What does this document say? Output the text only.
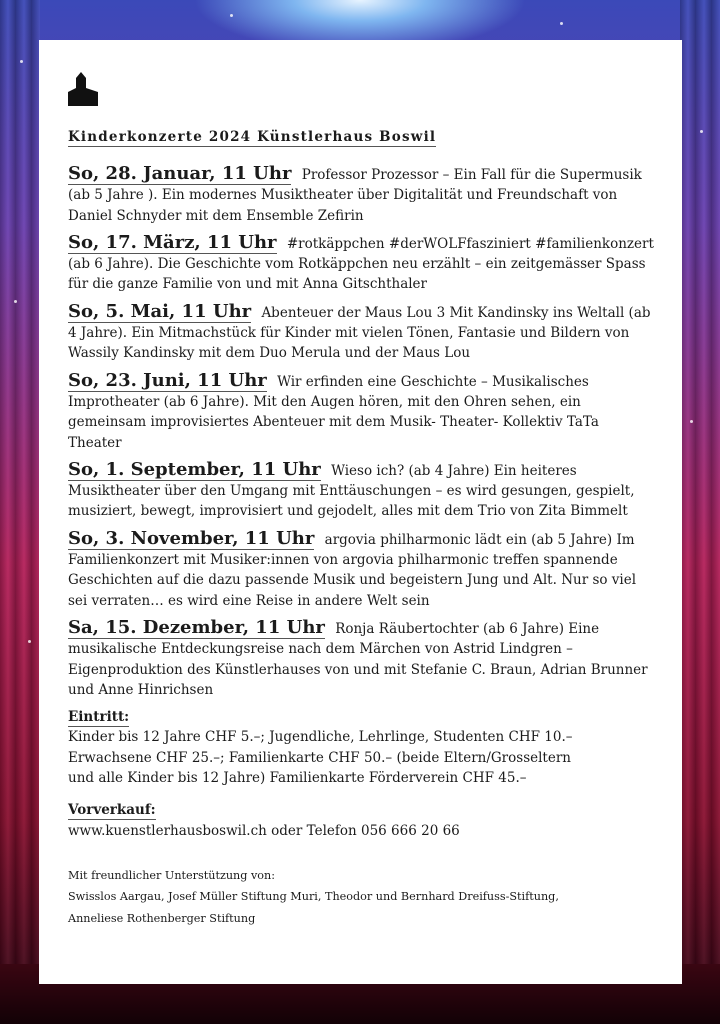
Kinderkonzerte 2024 Künstlerhaus Boswil
So, 28. Januar, 11 Uhr Professor Prozessor – Ein Fall für die Supermusik (ab 5 Jahre ). Ein modernes Musiktheater über Digitalität und Freundschaft von Daniel Schnyder mit dem Ensemble Zefirin
So, 17. März, 11 Uhr #rotkäppchen #derWOLFfasziniert #familienkonzert (ab 6 Jahre). Die Geschichte vom Rotkäppchen neu erzählt – ein zeitgemässer Spass für die ganze Familie von und mit Anna Gitschthaler
So, 5. Mai, 11 Uhr Abenteuer der Maus Lou 3 Mit Kandinsky ins Weltall (ab 4 Jahre). Ein Mitmachstück für Kinder mit vielen Tönen, Fantasie und Bildern von Wassily Kandinsky mit dem Duo Merula und der Maus Lou
So, 23. Juni, 11 Uhr Wir erfinden eine Geschichte – Musikalisches Improtheater (ab 6 Jahre). Mit den Augen hören, mit den Ohren sehen, ein gemeinsam improvisiertes Abenteuer mit dem Musik- Theater- Kollektiv TaTa Theater
So, 1. September, 11 Uhr Wieso ich? (ab 4 Jahre) Ein heiteres Musiktheater über den Umgang mit Enttäuschungen – es wird gesungen, gespielt, musiziert, bewegt, improvisiert und gejodelt, alles mit dem Trio von Zita Bimmelt
So, 3. November, 11 Uhr argovia philharmonic lädt ein (ab 5 Jahre) Im Familienkonzert mit Musiker:innen von argovia philharmonic treffen spannende Geschichten auf die dazu passende Musik und begeistern Jung und Alt. Nur so viel sei verraten… es wird eine Reise in andere Welt sein
Sa, 15. Dezember, 11 Uhr Ronja Räubertochter (ab 6 Jahre) Eine musikalische Entdeckungsreise nach dem Märchen von Astrid Lindgren – Eigenproduktion des Künstlerhauses von und mit Stefanie C. Braun, Adrian Brunner und Anne Hinrichsen
Eintritt:
Kinder bis 12 Jahre CHF 5.–; Jugendliche, Lehrlinge, Studenten CHF 10.–
Erwachsene CHF 25.–; Familienkarte CHF 50.– (beide Eltern/Grosseltern
und alle Kinder bis 12 Jahre) Familienkarte Förderverein CHF 45.–
Vorverkauf:
www.kuenstlerhausboswil.ch oder Telefon 056 666 20 66
Mit freundlicher Unterstützung von:
Swisslos Aargau, Josef Müller Stiftung Muri, Theodor und Bernhard Dreifuss-Stiftung,
Anneliese Rothenberger Stiftung
